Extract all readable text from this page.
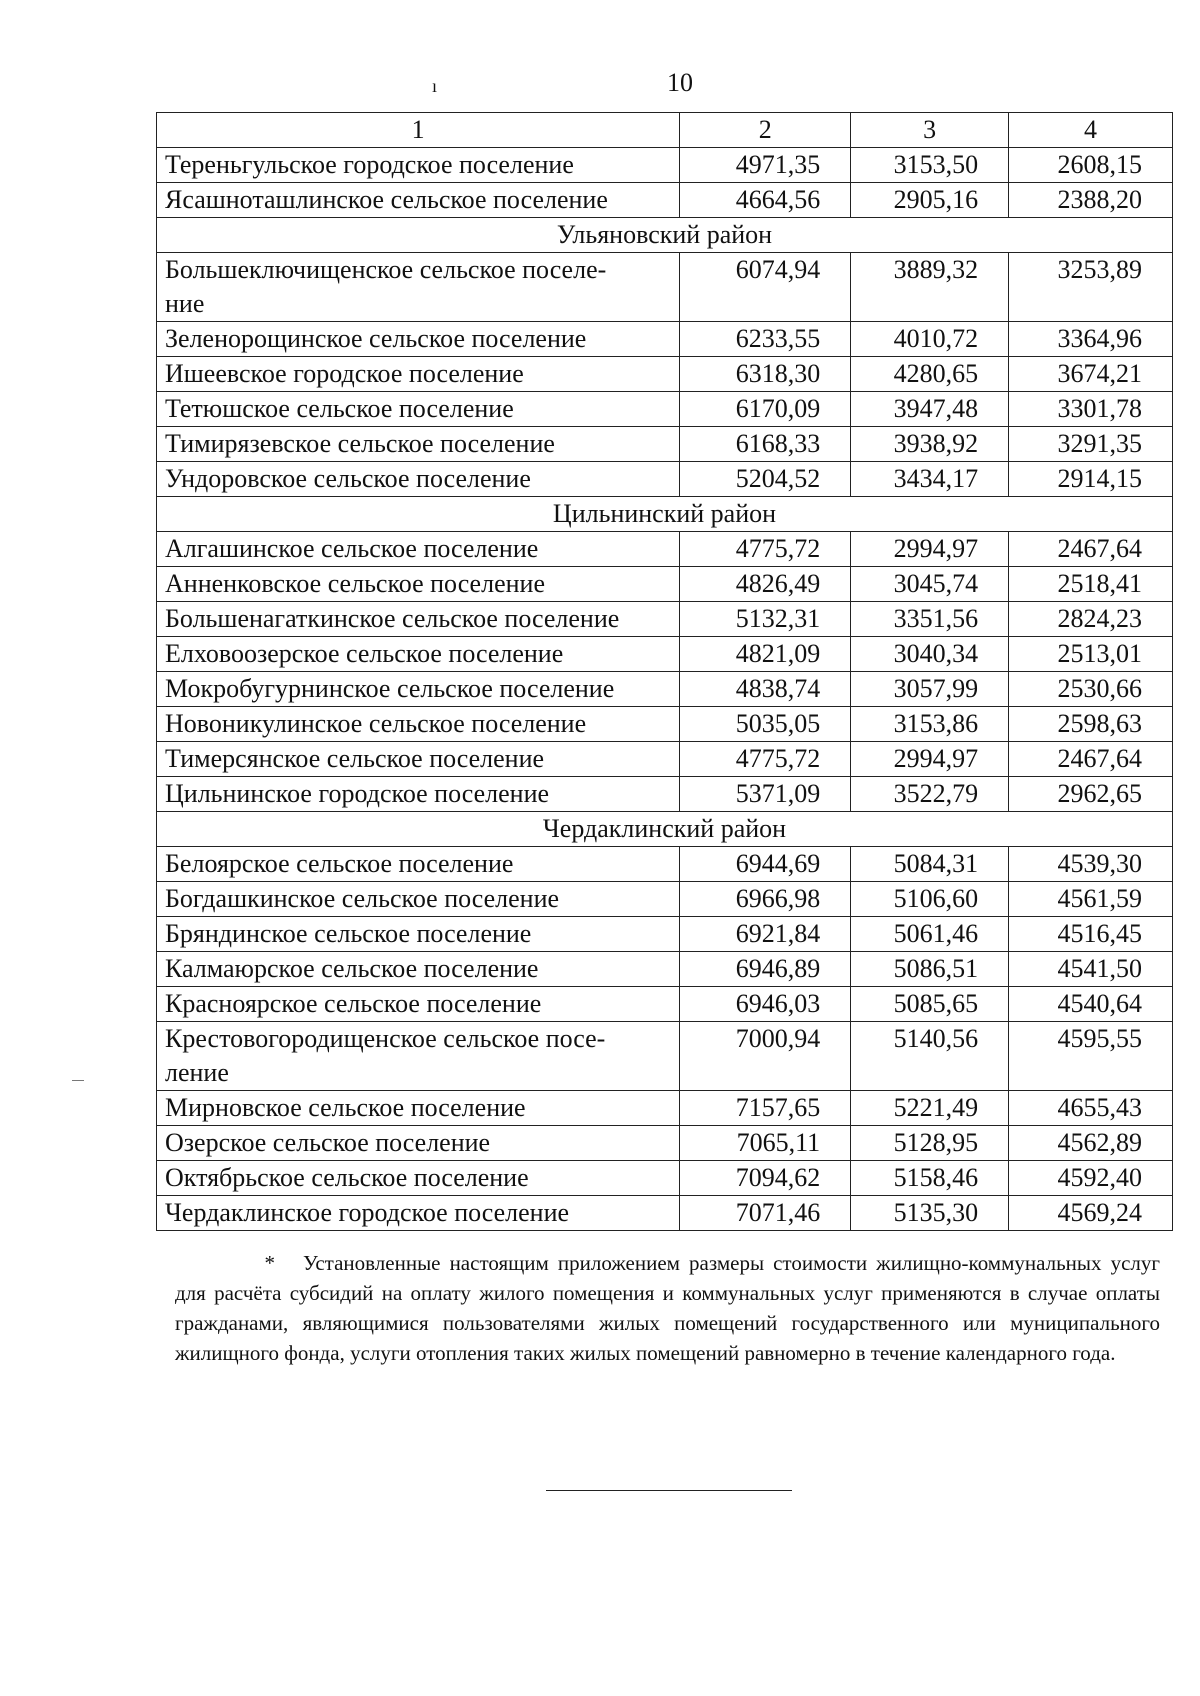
ı	10
1	2	3	4

Тереньгульское городское поселение	4971,35	3153,50	2608,15

Ясашноташлинское сельское поселение	4664,56	2905,16	2388,20
Ульяновский район			

Большеключищенское сельское поселе-
ние	6074,94	3889,32	3253,89

Зеленорощинское сельское поселение	6233,55	4010,72	3364,96

Ишеевское городское поселение	6318,30	4280,65	3674,21

Тетюшское сельское поселение	6170,09	3947,48	3301,78

Тимирязевское сельское поселение	6168,33	3938,92	3291,35

Ундоровское сельское поселение	5204,52	3434,17	2914,15
Цильнинский район			

Алгашинское сельское поселение	4775,72	2994,97	2467,64

Анненковское сельское поселение	4826,49	3045,74	2518,41

Большенагаткинское сельское поселение	5132,31	3351,56	2824,23

Елховоозерское сельское поселение	4821,09	3040,34	2513,01

Мокробугурнинское сельское поселение	4838,74	3057,99	2530,66

Новоникулинское сельское поселение	5035,05	3153,86	2598,63

Тимерсянское сельское поселение	4775,72	2994,97	2467,64

Цильнинское городское поселение	5371,09	3522,79	2962,65
Чердаклинский район			

Белоярское сельское поселение	6944,69	5084,31	4539,30

Богдашкинское сельское поселение	6966,98	5106,60	4561,59

Бряндинское сельское поселение	6921,84	5061,46	4516,45

Калмаюрское сельское поселение	6946,89	5086,51	4541,50

Красноярское сельское поселение	6946,03	5085,65	4540,64

Крестовогородищенское сельское посе-
ление	7000,94	5140,56	4595,55

Мирновское сельское поселение	7157,65	5221,49	4655,43

Озерское сельское поселение	7065,11	5128,95	4562,89

Октябрьское сельское поселение	7094,62	5158,46	4592,40

Чердаклинское городское поселение	7071,46	5135,30	4569,24
* Установленные настоящим приложением размеры стоимости жилищно-коммунальных услуг для расчёта субсидий на оплату жилого помещения и коммунальных услуг применяются в случае оплаты гражданами, являющимися пользователями жилых помещений государственного или муниципального жилищного фонда, услуги отопления таких жилых помещений равномерно в течение календарного года.
